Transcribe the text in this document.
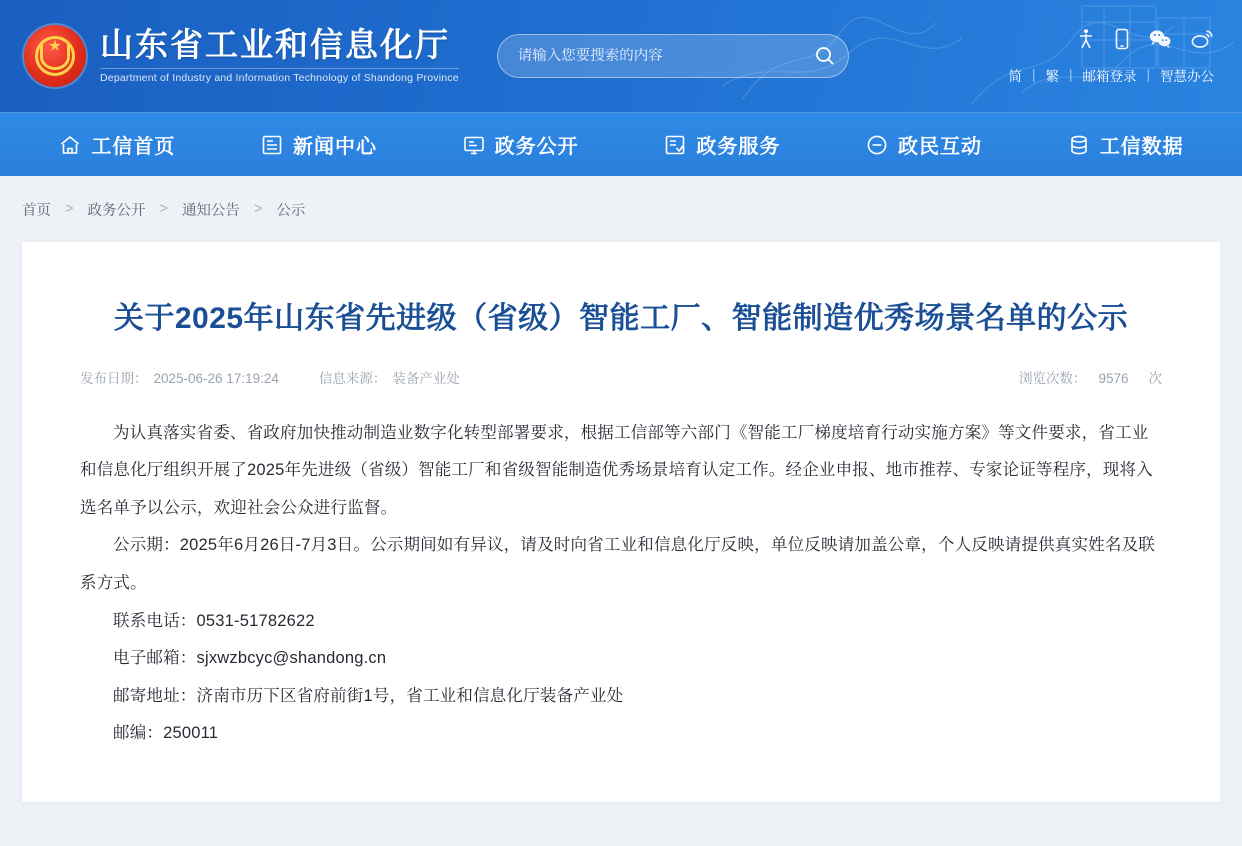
★ 山东省工业和信息化厅
Department of Industry and Information Technology of Shandong Province
请输入您要搜索的内容	简 | 繁 | 邮箱登录 | 智慧办公
工信首页	新闻中心	政务公开	政务服务	政民互动	工信数据
首页 > 政务公开 > 通知公告 > 公示
关于2025年山东省先进级（省级）智能工厂、智能制造优秀场景名单的公示
发布日期： 2025-06-26 17:19:24	信息来源： 装备产业处	浏览次数： 9576 次

为认真落实省委、省政府加快推动制造业数字化转型部署要求，根据工信部等六部门《智能工厂梯度培育行动实施方案》等文件要求，省工业和信息化厅组织开展了2025年先进级（省级）智能工厂和省级智能制造优秀场景培育认定工作。经企业申报、地市推荐、专家论证等程序，现将入选名单予以公示，欢迎社会公众进行监督。

公示期：2025年6月26日-7月3日。公示期间如有异议，请及时向省工业和信息化厅反映，单位反映请加盖公章，个人反映请提供真实姓名及联系方式。

联系电话：0531-51782622

电子邮箱：sjxwzbcyc@shandong.cn

邮寄地址：济南市历下区省府前街1号，省工业和信息化厅装备产业处

邮编：250011
